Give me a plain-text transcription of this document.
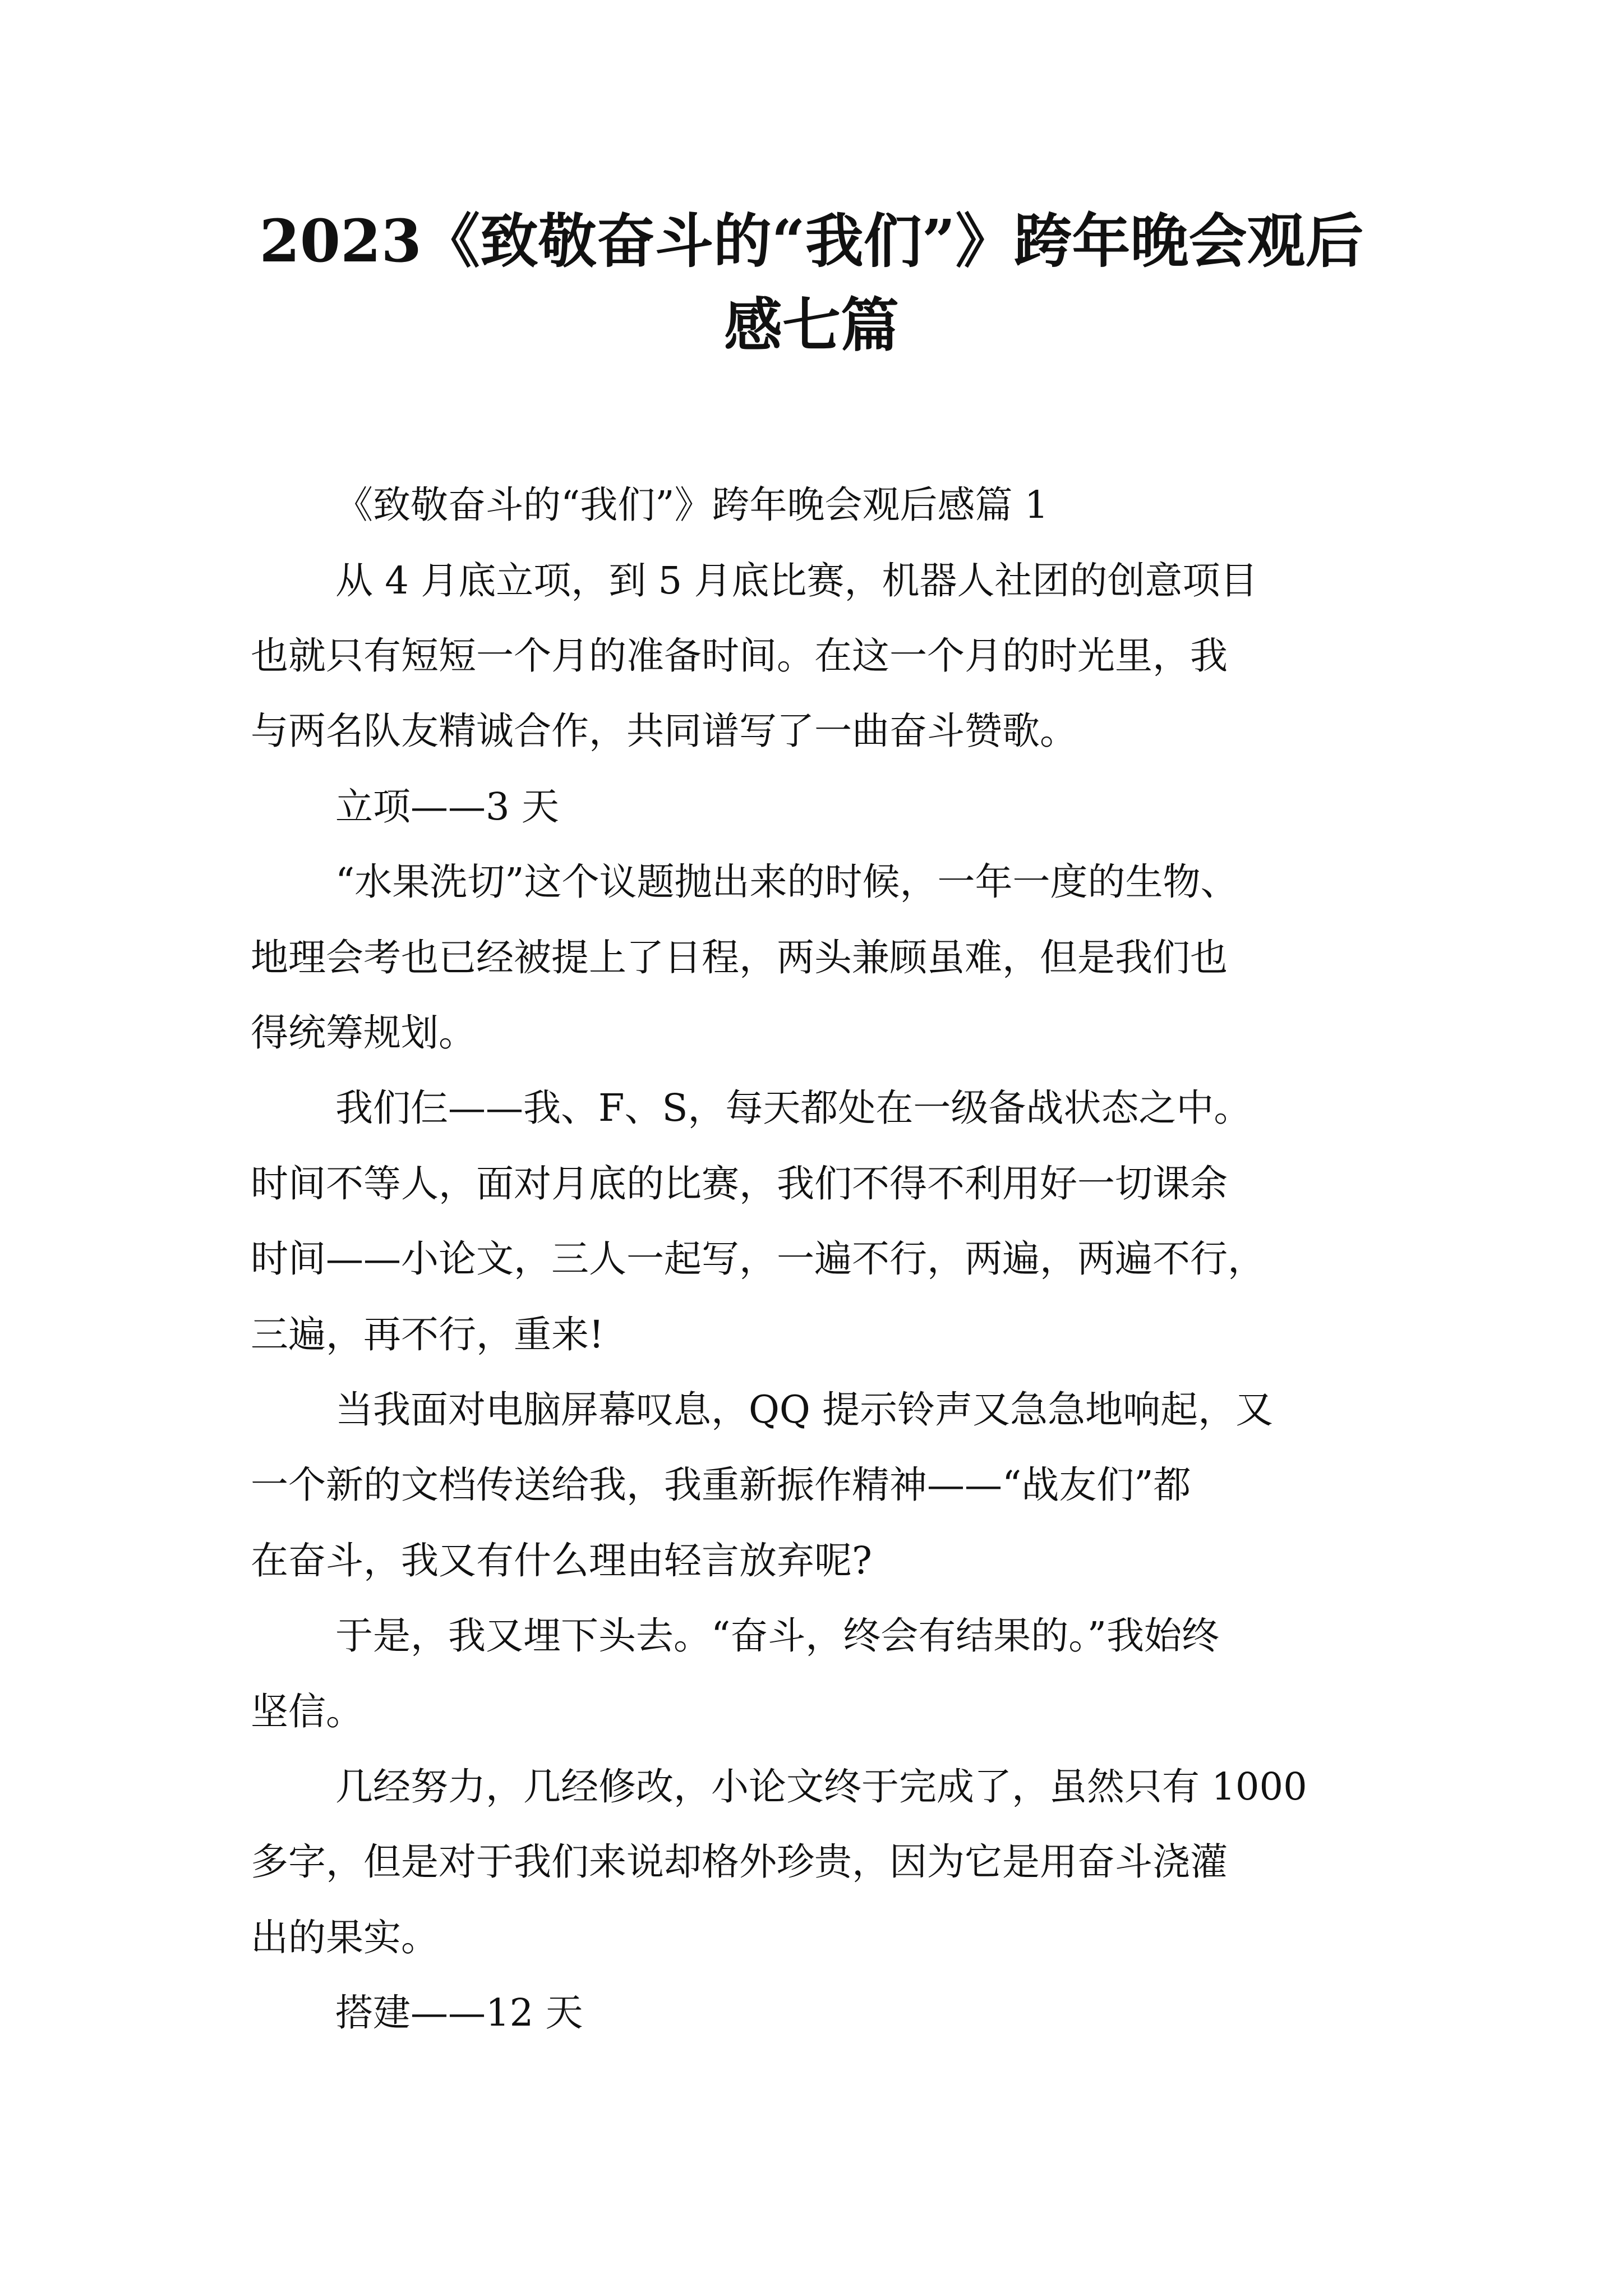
2023《致敬奋斗的“我们”》跨年晚会观后
感七篇

《致敬奋斗的“我们”》跨年晚会观后感篇 1

从 4 月底立项，到 5 月底比赛，机器人社团的创意项目

也就只有短短一个月的准备时间。在这一个月的时光里，我

与两名队友精诚合作，共同谱写了一曲奋斗赞歌。

立项——3 天

“水果洗切”这个议题抛出来的时候，一年一度的生物、

地理会考也已经被提上了日程，两头兼顾虽难，但是我们也

得统筹规划。

我们仨——我、F、S，每天都处在一级备战状态之中。

时间不等人，面对月底的比赛，我们不得不利用好一切课余

时间——小论文，三人一起写，一遍不行，两遍，两遍不行，

三遍，再不行，重来!

当我面对电脑屏幕叹息，QQ 提示铃声又急急地响起，又

一个新的文档传送给我，我重新振作精神——“战友们”都

在奋斗，我又有什么理由轻言放弃呢?

于是，我又埋下头去。“奋斗，终会有结果的。”我始终

坚信。

几经努力，几经修改，小论文终于完成了，虽然只有 1000

多字，但是对于我们来说却格外珍贵，因为它是用奋斗浇灌

出的果实。

搭建——12 天
